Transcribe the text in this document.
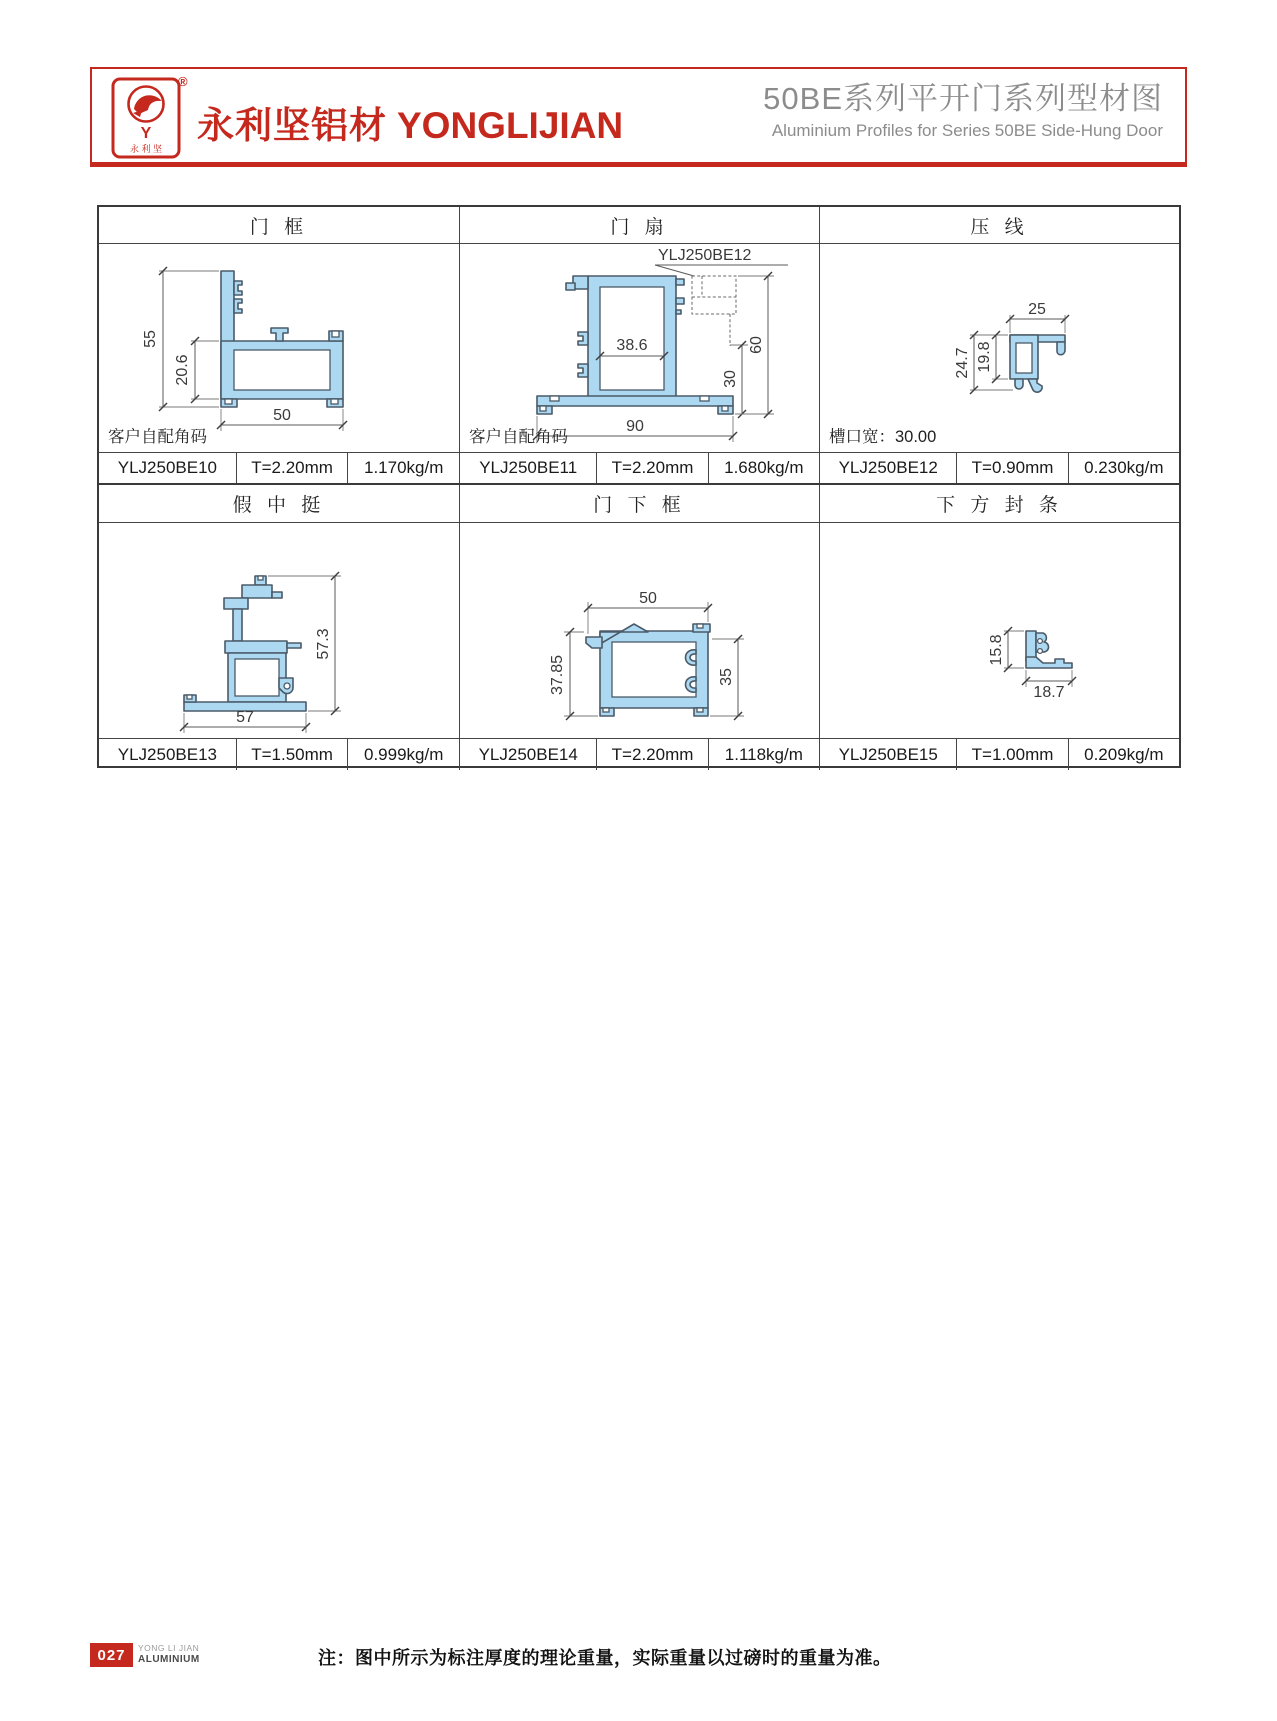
Y
永 利 坚
®
永利坚铝材 YONGLIJIAN
50BE系列平开门系列型材图
Aluminium Profiles for Series 50BE Side-Hung Door
门 框	门 扇	压 线
55
20.6
50
客户自配角码
YLJ250BE12
38.6
30
60
90
客户自配角码
25
24.7 19.8
槽口宽：30.00
YLJ250BE10	T=2.20mm	1.170kg/m	YLJ250BE11	T=2.20mm	1.680kg/m	YLJ250BE12	T=0.90mm	0.230kg/m
假 中 挺	门 下 框	下 方 封 条
57.3
57
50
37.85	35
15.8
18.7
YLJ250BE13	T=1.50mm	0.999kg/m	YLJ250BE14	T=2.20mm	1.118kg/m	YLJ250BE15	T=1.00mm	0.209kg/m
027	YONG LI JIAN
ALUMINIUM	注：图中所示为标注厚度的理论重量，实际重量以过磅时的重量为准。
